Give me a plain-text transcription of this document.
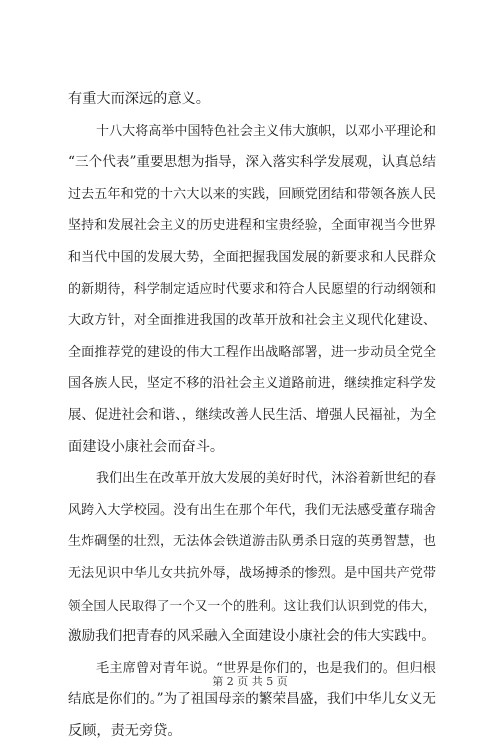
有重大而深远的意义。
十八大将高举中国特色社会主义伟大旗帜，以邓小平理论和
“三个代表”重要思想为指导，深入落实科学发展观，认真总结
过去五年和党的十六大以来的实践，回顾党团结和带领各族人民
坚持和发展社会主义的历史进程和宝贵经验，全面审视当今世界
和当代中国的发展大势，全面把握我国发展的新要求和人民群众
的新期待，科学制定适应时代要求和符合人民愿望的行动纲领和
大政方针，对全面推进我国的改革开放和社会主义现代化建设、
全面推荐党的建设的伟大工程作出战略部署，进一步动员全党全
国各族人民，坚定不移的沿社会主义道路前进，继续推定科学发
展、促进社会和谐、，继续改善人民生活、增强人民福祉，为全
面建设小康社会而奋斗。
我们出生在改革开放大发展的美好时代，沐浴着新世纪的春
风跨入大学校园。没有出生在那个年代，我们无法感受董存瑞舍
生炸碉堡的壮烈，无法体会铁道游击队勇杀日寇的英勇智慧，也
无法见识中华儿女共抗外辱，战场搏杀的惨烈。是中国共产党带
领全国人民取得了一个又一个的胜利。这让我们认识到党的伟大，
激励我们把青春的风采融入全面建设小康社会的伟大实践中。
毛主席曾对青年说。“世界是你们的，也是我们的。但归根
结底是你们的。”为了祖国母亲的繁荣昌盛，我们中华儿女义无
反顾，责无旁贷。
第 2 页 共 5 页
